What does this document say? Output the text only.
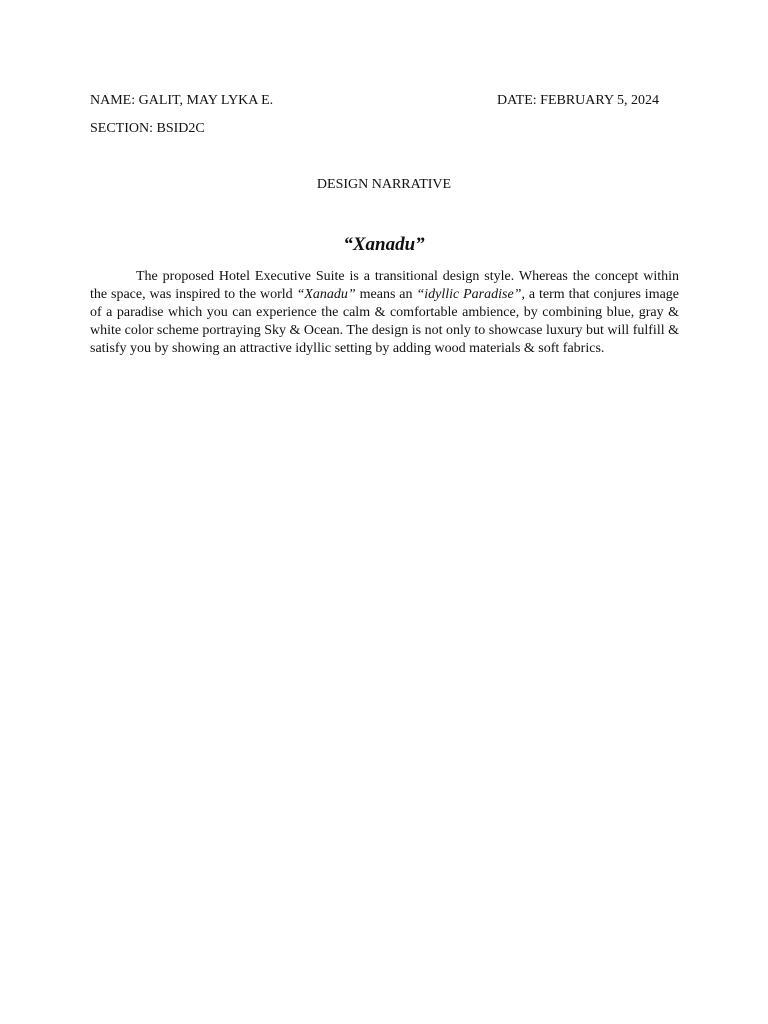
NAME: GALIT, MAY LYKA E.	DATE: FEBRUARY 5, 2024
SECTION: BSID2C
DESIGN NARRATIVE
“Xanadu”

The proposed Hotel Executive Suite is a transitional design style. Whereas the concept within the space, was inspired to the world “Xanadu” means an “idyllic Paradise”, a term that conjures image of a paradise which you can experience the calm & comfortable ambience, by combining blue, gray & white color scheme portraying Sky & Ocean. The design is not only to showcase luxury but will fulfill & satisfy you by showing an attractive idyllic setting by adding wood materials & soft fabrics.
